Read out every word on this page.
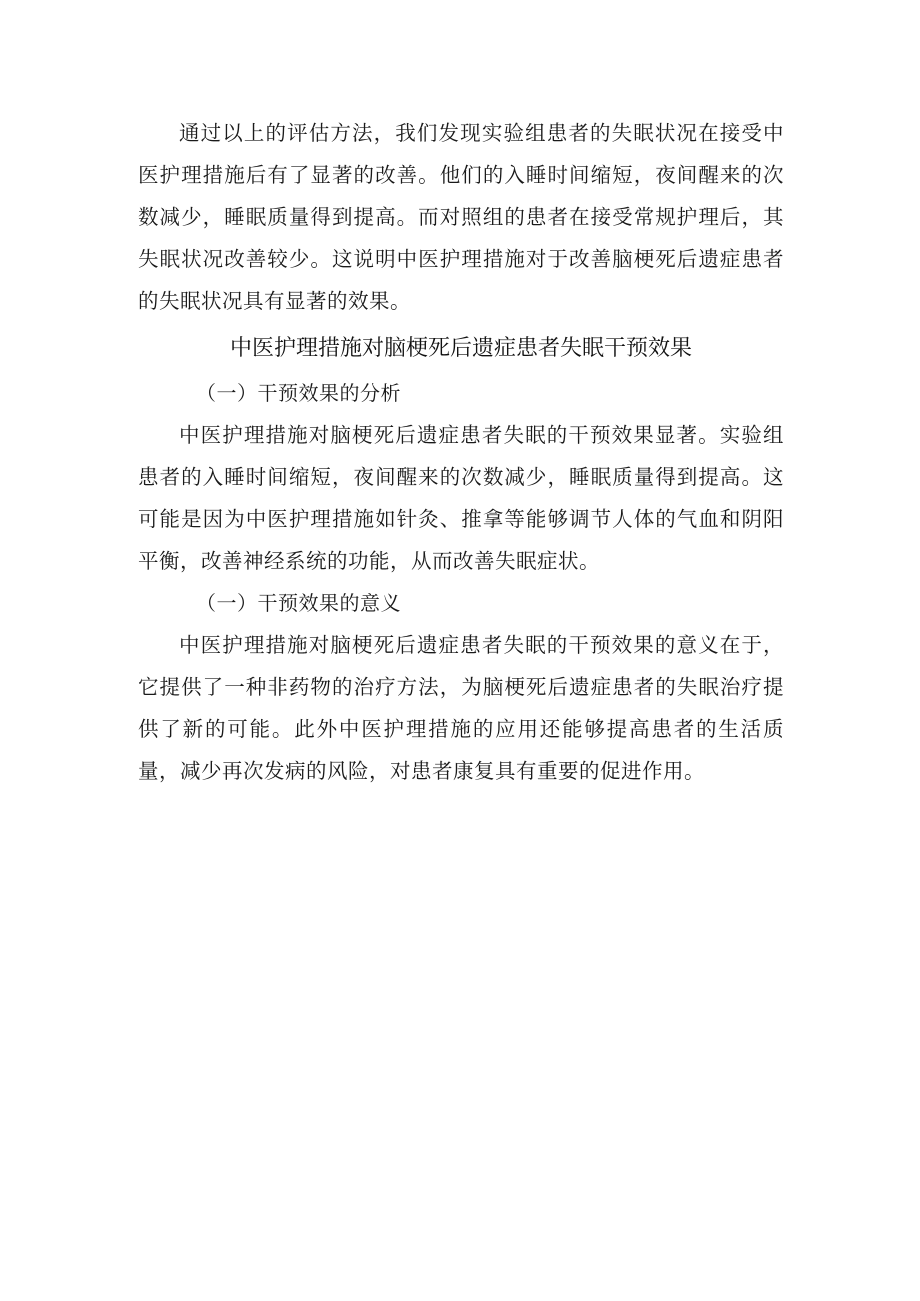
通过以上的评估方法，我们发现实验组患者的失眠状况在接受中医护理措施后有了显著的改善。他们的入睡时间缩短，夜间醒来的次数减少，睡眠质量得到提高。而对照组的患者在接受常规护理后，其失眠状况改善较少。这说明中医护理措施对于改善脑梗死后遗症患者的失眠状况具有显著的效果。

中医护理措施对脑梗死后遗症患者失眠干预效果

（一）干预效果的分析

中医护理措施对脑梗死后遗症患者失眠的干预效果显著。实验组患者的入睡时间缩短，夜间醒来的次数减少，睡眠质量得到提高。这可能是因为中医护理措施如针灸、推拿等能够调节人体的气血和阴阳平衡，改善神经系统的功能，从而改善失眠症状。

（一）干预效果的意义

中医护理措施对脑梗死后遗症患者失眠的干预效果的意义在于，它提供了一种非药物的治疗方法，为脑梗死后遗症患者的失眠治疗提供了新的可能。此外中医护理措施的应用还能够提高患者的生活质量，减少再次发病的风险，对患者康复具有重要的促进作用。
